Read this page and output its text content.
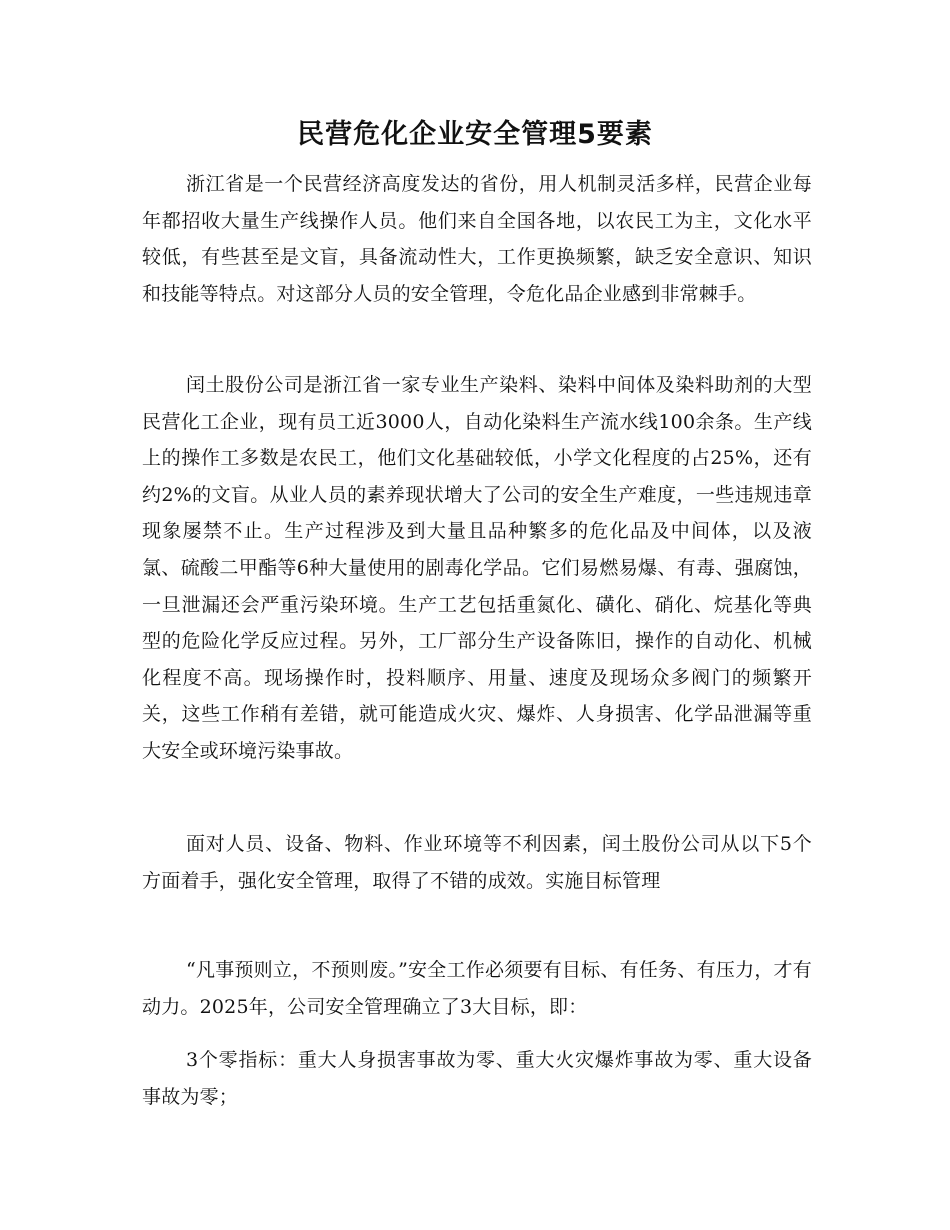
民营危化企业安全管理5要素

浙江省是一个民营经济高度发达的省份，用人机制灵活多样，民营企业每年都招收大量生产线操作人员。他们来自全国各地，以农民工为主，文化水平较低，有些甚至是文盲，具备流动性大，工作更换频繁，缺乏安全意识、知识和技能等特点。对这部分人员的安全管理，令危化品企业感到非常棘手。

闰土股份公司是浙江省一家专业生产染料、染料中间体及染料助剂的大型民营化工企业，现有员工近3000人，自动化染料生产流水线100余条。生产线上的操作工多数是农民工，他们文化基础较低，小学文化程度的占25%，还有约2%的文盲。从业人员的素养现状增大了公司的安全生产难度，一些违规违章现象屡禁不止。生产过程涉及到大量且品种繁多的危化品及中间体，以及液氯、硫酸二甲酯等6种大量使用的剧毒化学品。它们易燃易爆、有毒、强腐蚀，一旦泄漏还会严重污染环境。生产工艺包括重氮化、磺化、硝化、烷基化等典型的危险化学反应过程。另外，工厂部分生产设备陈旧，操作的自动化、机械化程度不高。现场操作时，投料顺序、用量、速度及现场众多阀门的频繁开关，这些工作稍有差错，就可能造成火灾、爆炸、人身损害、化学品泄漏等重大安全或环境污染事故。

面对人员、设备、物料、作业环境等不利因素，闰土股份公司从以下5个方面着手，强化安全管理，取得了不错的成效。实施目标管理

“凡事预则立，不预则废。”安全工作必须要有目标、有任务、有压力，才有动力。2025年，公司安全管理确立了3大目标，即：

3个零指标：重大人身损害事故为零、重大火灾爆炸事故为零、重大设备事故为零；
